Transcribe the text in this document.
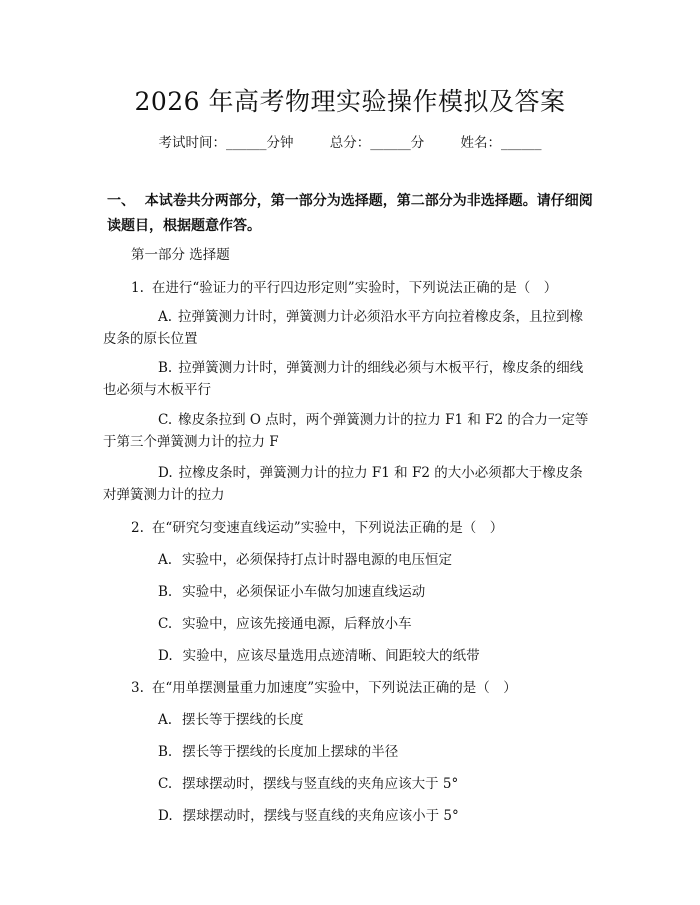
2026 年高考物理实验操作模拟及答案
考试时间：______分钟	总分：______分	姓名：______
一、 本试卷共分两部分，第一部分为选择题，第二部分为非选择题。请仔细阅读题目，根据题意作答。
第一部分 选择题
1. 在进行“验证力的平行四边形定则”实验时，下列说法正确的是（　）
A. 拉弹簧测力计时，弹簧测力计必须沿水平方向拉着橡皮条，且拉到橡皮条的原长位置
B. 拉弹簧测力计时，弹簧测力计的细线必须与木板平行，橡皮条的细线也必须与木板平行
C. 橡皮条拉到 O 点时，两个弹簧测力计的拉力 F1 和 F2 的合力一定等于第三个弹簧测力计的拉力 F
D. 拉橡皮条时，弹簧测力计的拉力 F1 和 F2 的大小必须都大于橡皮条对弹簧测力计的拉力
2. 在“研究匀变速直线运动”实验中，下列说法正确的是（　）
A. 实验中，必须保持打点计时器电源的电压恒定
B. 实验中，必须保证小车做匀加速直线运动
C. 实验中，应该先接通电源，后释放小车
D. 实验中，应该尽量选用点迹清晰、间距较大的纸带
3. 在“用单摆测量重力加速度”实验中，下列说法正确的是（　）
A. 摆长等于摆线的长度
B. 摆长等于摆线的长度加上摆球的半径
C. 摆球摆动时，摆线与竖直线的夹角应该大于 5°
D. 摆球摆动时，摆线与竖直线的夹角应该小于 5°
